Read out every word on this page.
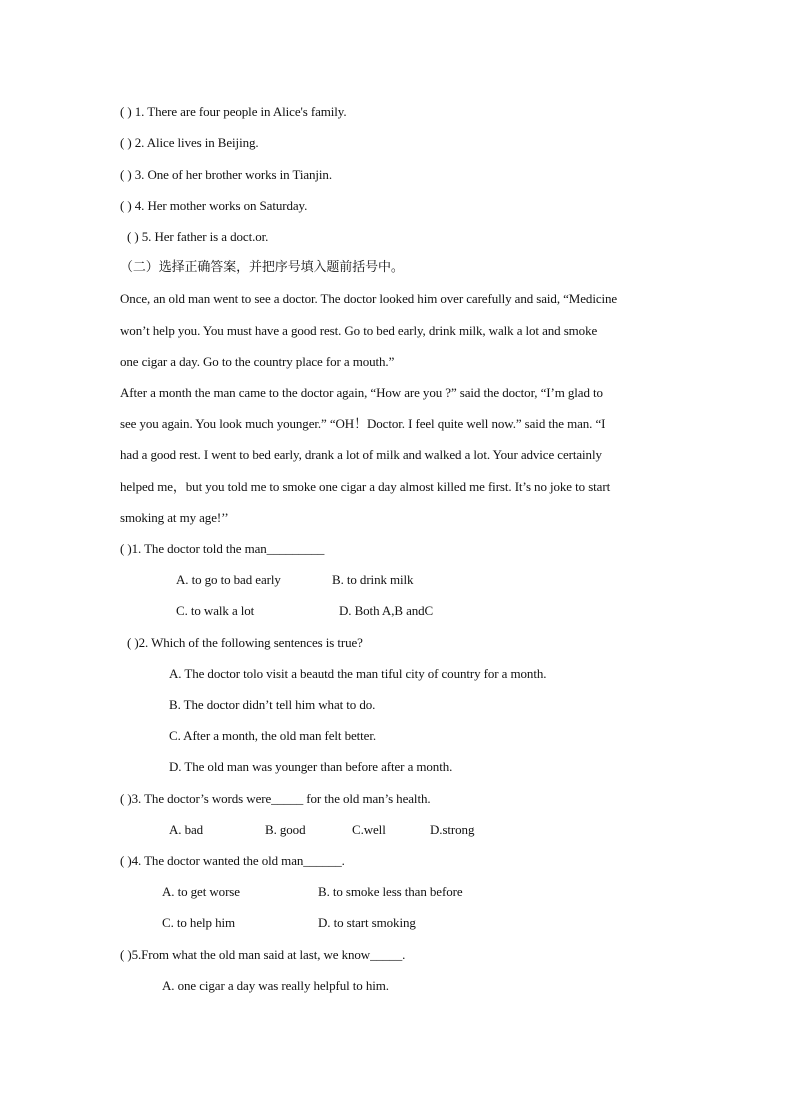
( ) 1. There are four people in Alice's family.
( ) 2. Alice lives in Beijing.
( ) 3. One of her brother works in Tianjin.
( ) 4. Her mother works on Saturday.
( ) 5. Her father is a doct.or.
（二）选择正确答案，并把序号填入题前括号中。
Once, an old man went to see a doctor. The doctor looked him over carefully and said, “Medicine
won’t help you. You must have a good rest. Go to bed early, drink milk, walk a lot and smoke
one cigar a day. Go to the country place for a mouth.”
After a month the man came to the doctor again, “How are you ?” said the doctor, “I’m glad to
see you again. You look much younger.” “OH！Doctor. I feel quite well now.” said the man. “I
had a good rest. I went to bed early, drank a lot of milk and walked a lot. Your advice certainly
helped me，but you told me to smoke one cigar a day almost killed me first. It’s no joke to start
smoking at my age!’’
( )1. The doctor told the man_________
A. to go to bad early	B. to drink milk
C. to walk a lot	D. Both A,B andC
( )2. Which of the following sentences is true?
A. The doctor tolo visit a beautd the man tiful city of country for a month.
B. The doctor didn’t tell him what to do.
C. After a month, the old man felt better.
D. The old man was younger than before after a month.
( )3. The doctor’s words were_____ for the old man’s health.
A. bad	B. good	C.well	D.strong
( )4. The doctor wanted the old man______.
A. to get worse	B. to smoke less than before
C. to help him	D. to start smoking
( )5.From what the old man said at last, we know_____.
A. one cigar a day was really helpful to him.
